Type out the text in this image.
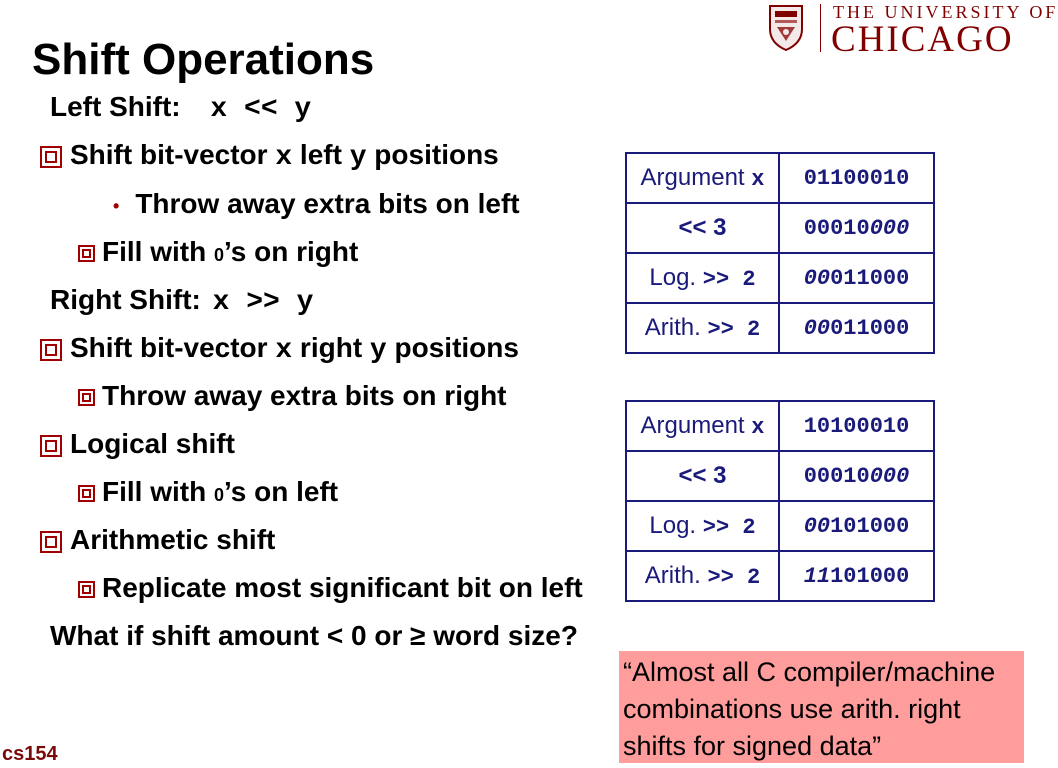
THE UNIVERSITY OF
CHICAGO
Shift Operations
Left Shift: x << y
Shift bit-vector x left y positions
• Throw away extra bits on left
Fill with 0’s on right
Right Shift: x >> y
Shift bit-vector x right y positions
Throw away extra bits on right
Logical shift
Fill with 0’s on left
Arithmetic shift
Replicate most significant bit on left
What if shift amount < 0 or ≥ word size?
Argument x	01100010
<< 3	00010000
Log. >> 2	00011000
Arith. >> 2	00011000
Argument x	10100010
<< 3	00010000
Log. >> 2	00101000
Arith. >> 2	11101000
“Almost all C compiler/machine combinations use arith. right shifts for signed data”
cs154
